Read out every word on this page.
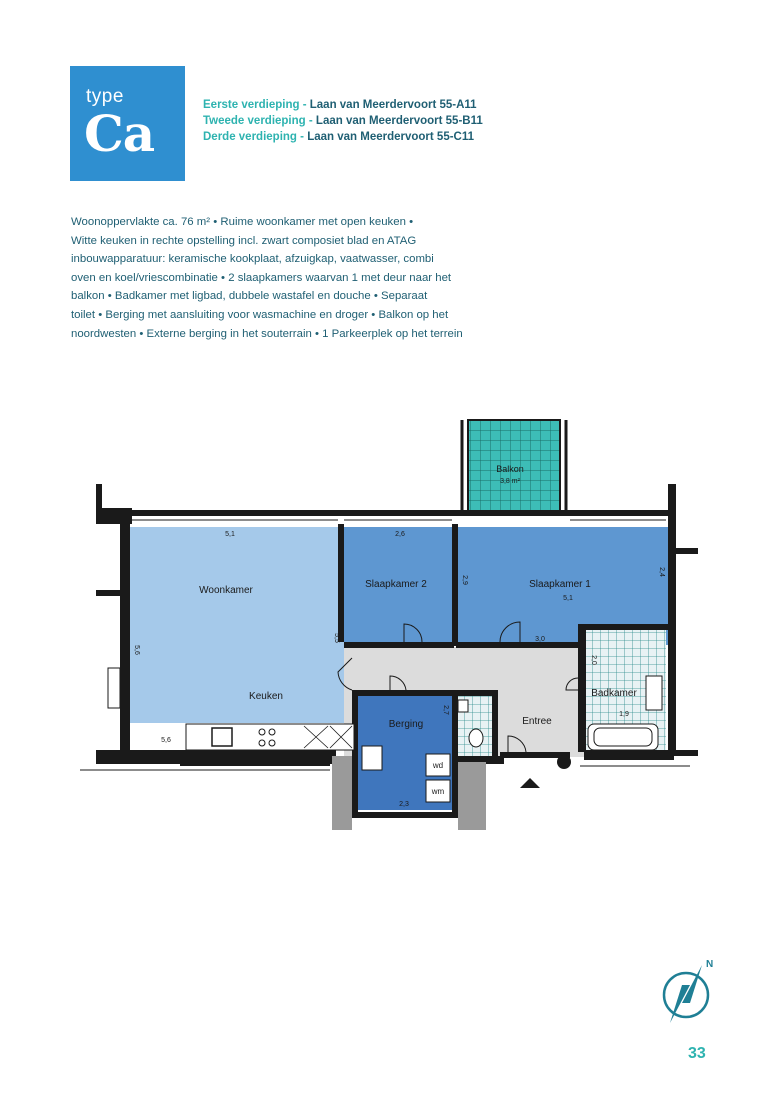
type
Ca	Eerste verdieping - Laan van Meerdervoort 55-A11
Tweede verdieping - Laan van Meerdervoort 55-B11
Derde verdieping - Laan van Meerdervoort 55-C11

Woonoppervlakte ca. 76 m² • Ruime woonkamer met open keuken •

Witte keuken in rechte opstelling incl. zwart composiet blad en ATAG

inbouwapparatuur: keramische kookplaat, afzuigkap, vaatwasser, combi

oven en koel/vriescombinatie • 2 slaapkamers waarvan 1 met deur naar het

balkon • Badkamer met ligbad, dubbele wastafel en douche • Separaat

toilet • Berging met aansluiting voor wasmachine en droger • Balkon op het

noordwesten • Externe berging in het souterrain • 1 Parkeerplek op het terrein

Balkon
3,8 m²
wd
wm
Woonkamer
Keuken
Slaapkamer 2	Slaapkamer 1
Berging	Entree
Badkamer
5,1
5,6
5,5
5,6
2,6
2,9
2,4
5,1
3,0
2,7
2,3
2,0
1,9
N
33
